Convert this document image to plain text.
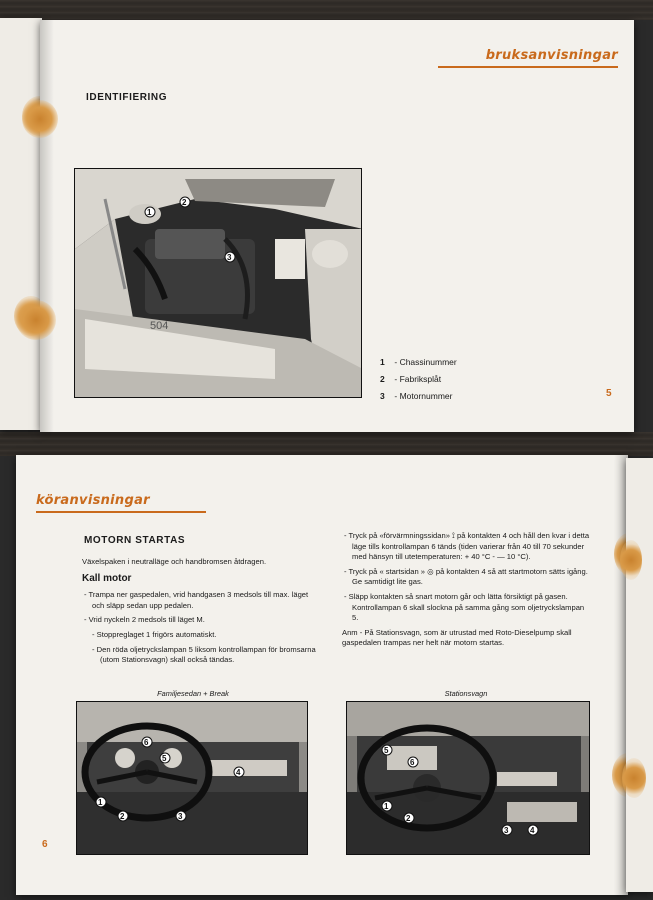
bruksanvisningar
IDENTIFIERING
504
1
2
3
1 - Chassinummer
2 - Fabriksplåt
3 - Motornummer	5
köranvisningar
MOTORN STARTAS

Växelspaken i neutralläge och handbromsen åtdragen.

Kall motor

- Trampa ner gaspedalen, vrid handgasen 3 medsols till max. läget och släpp sedan upp pedalen.

- Vrid nyckeln 2 medsols till läget M.

- Stoppreglaget 1 frigörs automatiskt.

- Den röda oljetryckslampan 5 liksom kontrollampan för bromsarna (utom Stationsvagn) skall också tändas.

- Tryck på «förvärmningssidan» ⟟ på kontakten 4 och håll den kvar i detta läge tills kontrollampan 6 tänds (tiden varierar från 40 till 70 sekunder med hänsyn till utetemperaturen: + 40 °C - — 10 °C).

- Tryck på « startsidan » ◎ på kontakten 4 så att startmotorn sätts igång. Ge samtidigt lite gas.

- Släpp kontakten så snart motorn går och lätta försiktigt på gasen. Kontrollampan 6 skall slockna på samma gång som oljetryckslampan 5.

Anm - På Stationsvagn, som är utrustad med Roto-Dieselpump skall gaspedalen trampas ner helt när motorn startas.

Familjesedan + Break	Stationsvagn
6
5
4
1
2	3
5
6
1
2
3	4
6
